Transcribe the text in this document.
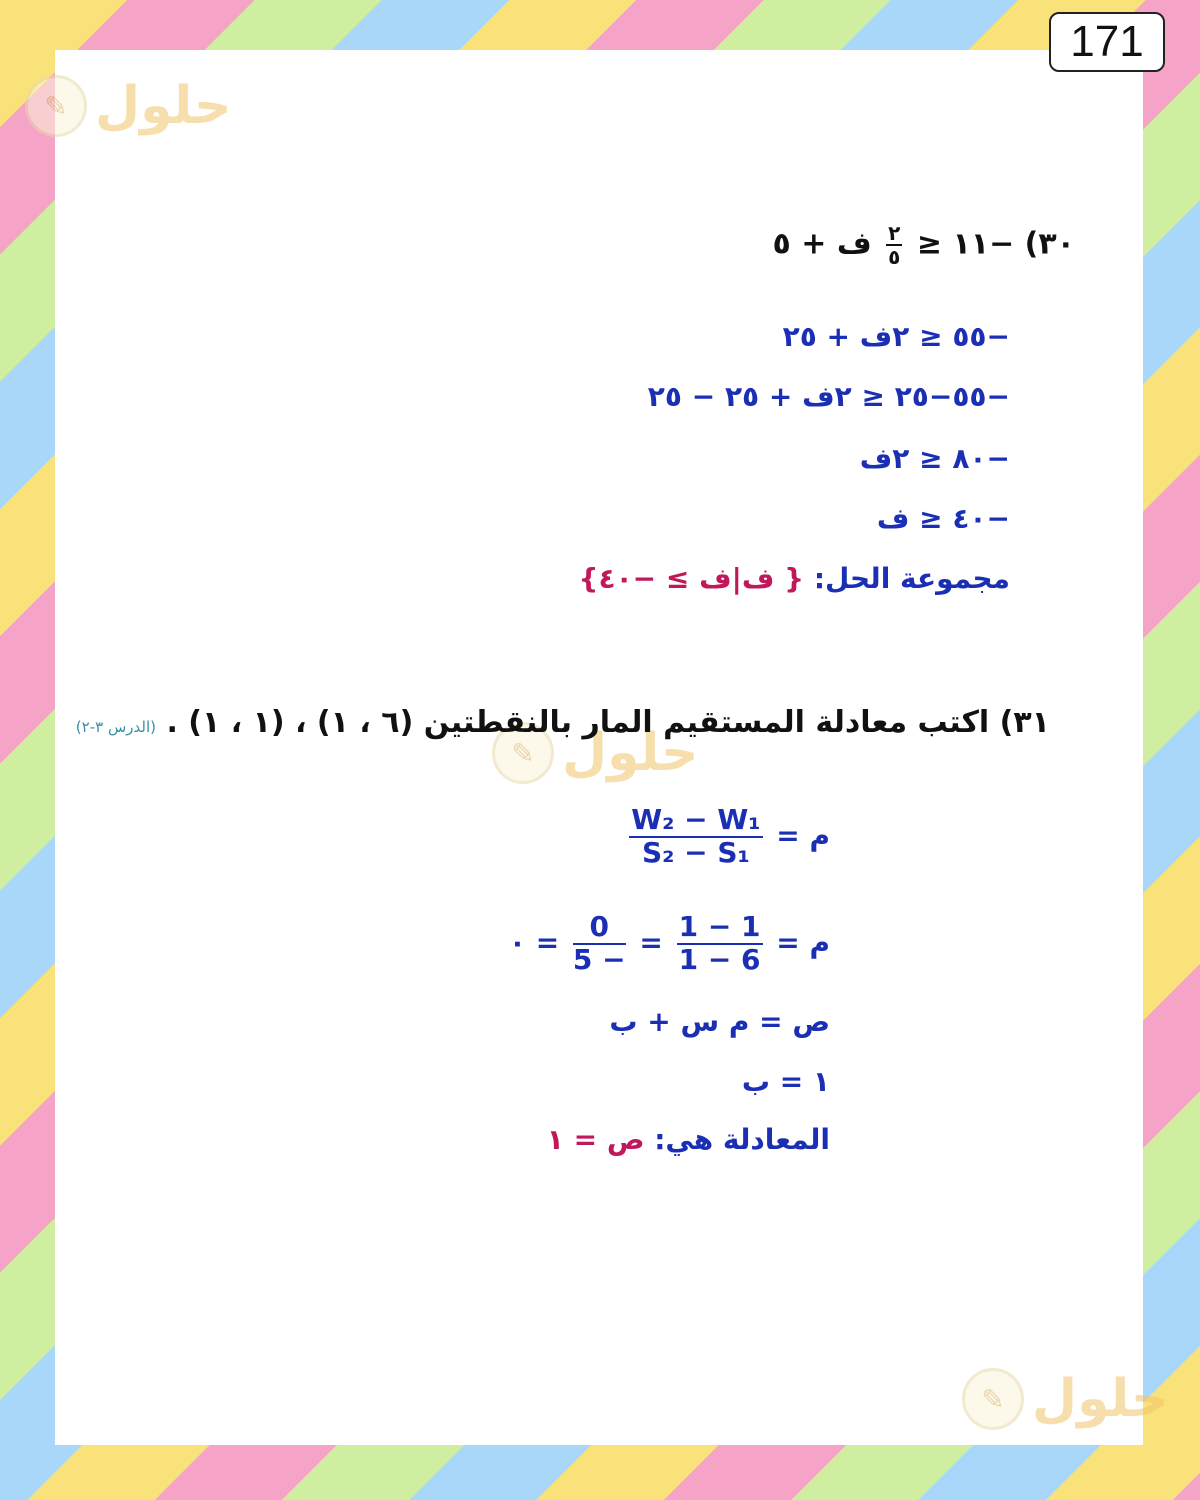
171
✎ حلول
✎ حلول
✎ حلول
٣٠) −١١ ≤
$\frac{٢}{٥}$
ف + ٥
−٥٥ ≤ ٢ف + ٢٥
−٥٥−٢٥ ≤ ٢ف + ٢٥ − ٢٥
−٨٠ ≤ ٢ف
−٤٠ ≤ ف
مجموعة الحل: { ف|ف ≥ −٤٠}
٣١) اكتب معادلة المستقيم المار بالنقطتين (٦ ، ١) ، (١ ، ١) . (الدرس ٣-٢)
م =
$\frac{\text{W₂ − W₁}}{\text{S₂ − S₁}}$
م =
$\frac{1 - 1}{1 - 6}$
=
$\frac{0}{5 -}$
= ٠
ص = م س + ب
١ = ب
المعادلة هي: ص = ١
